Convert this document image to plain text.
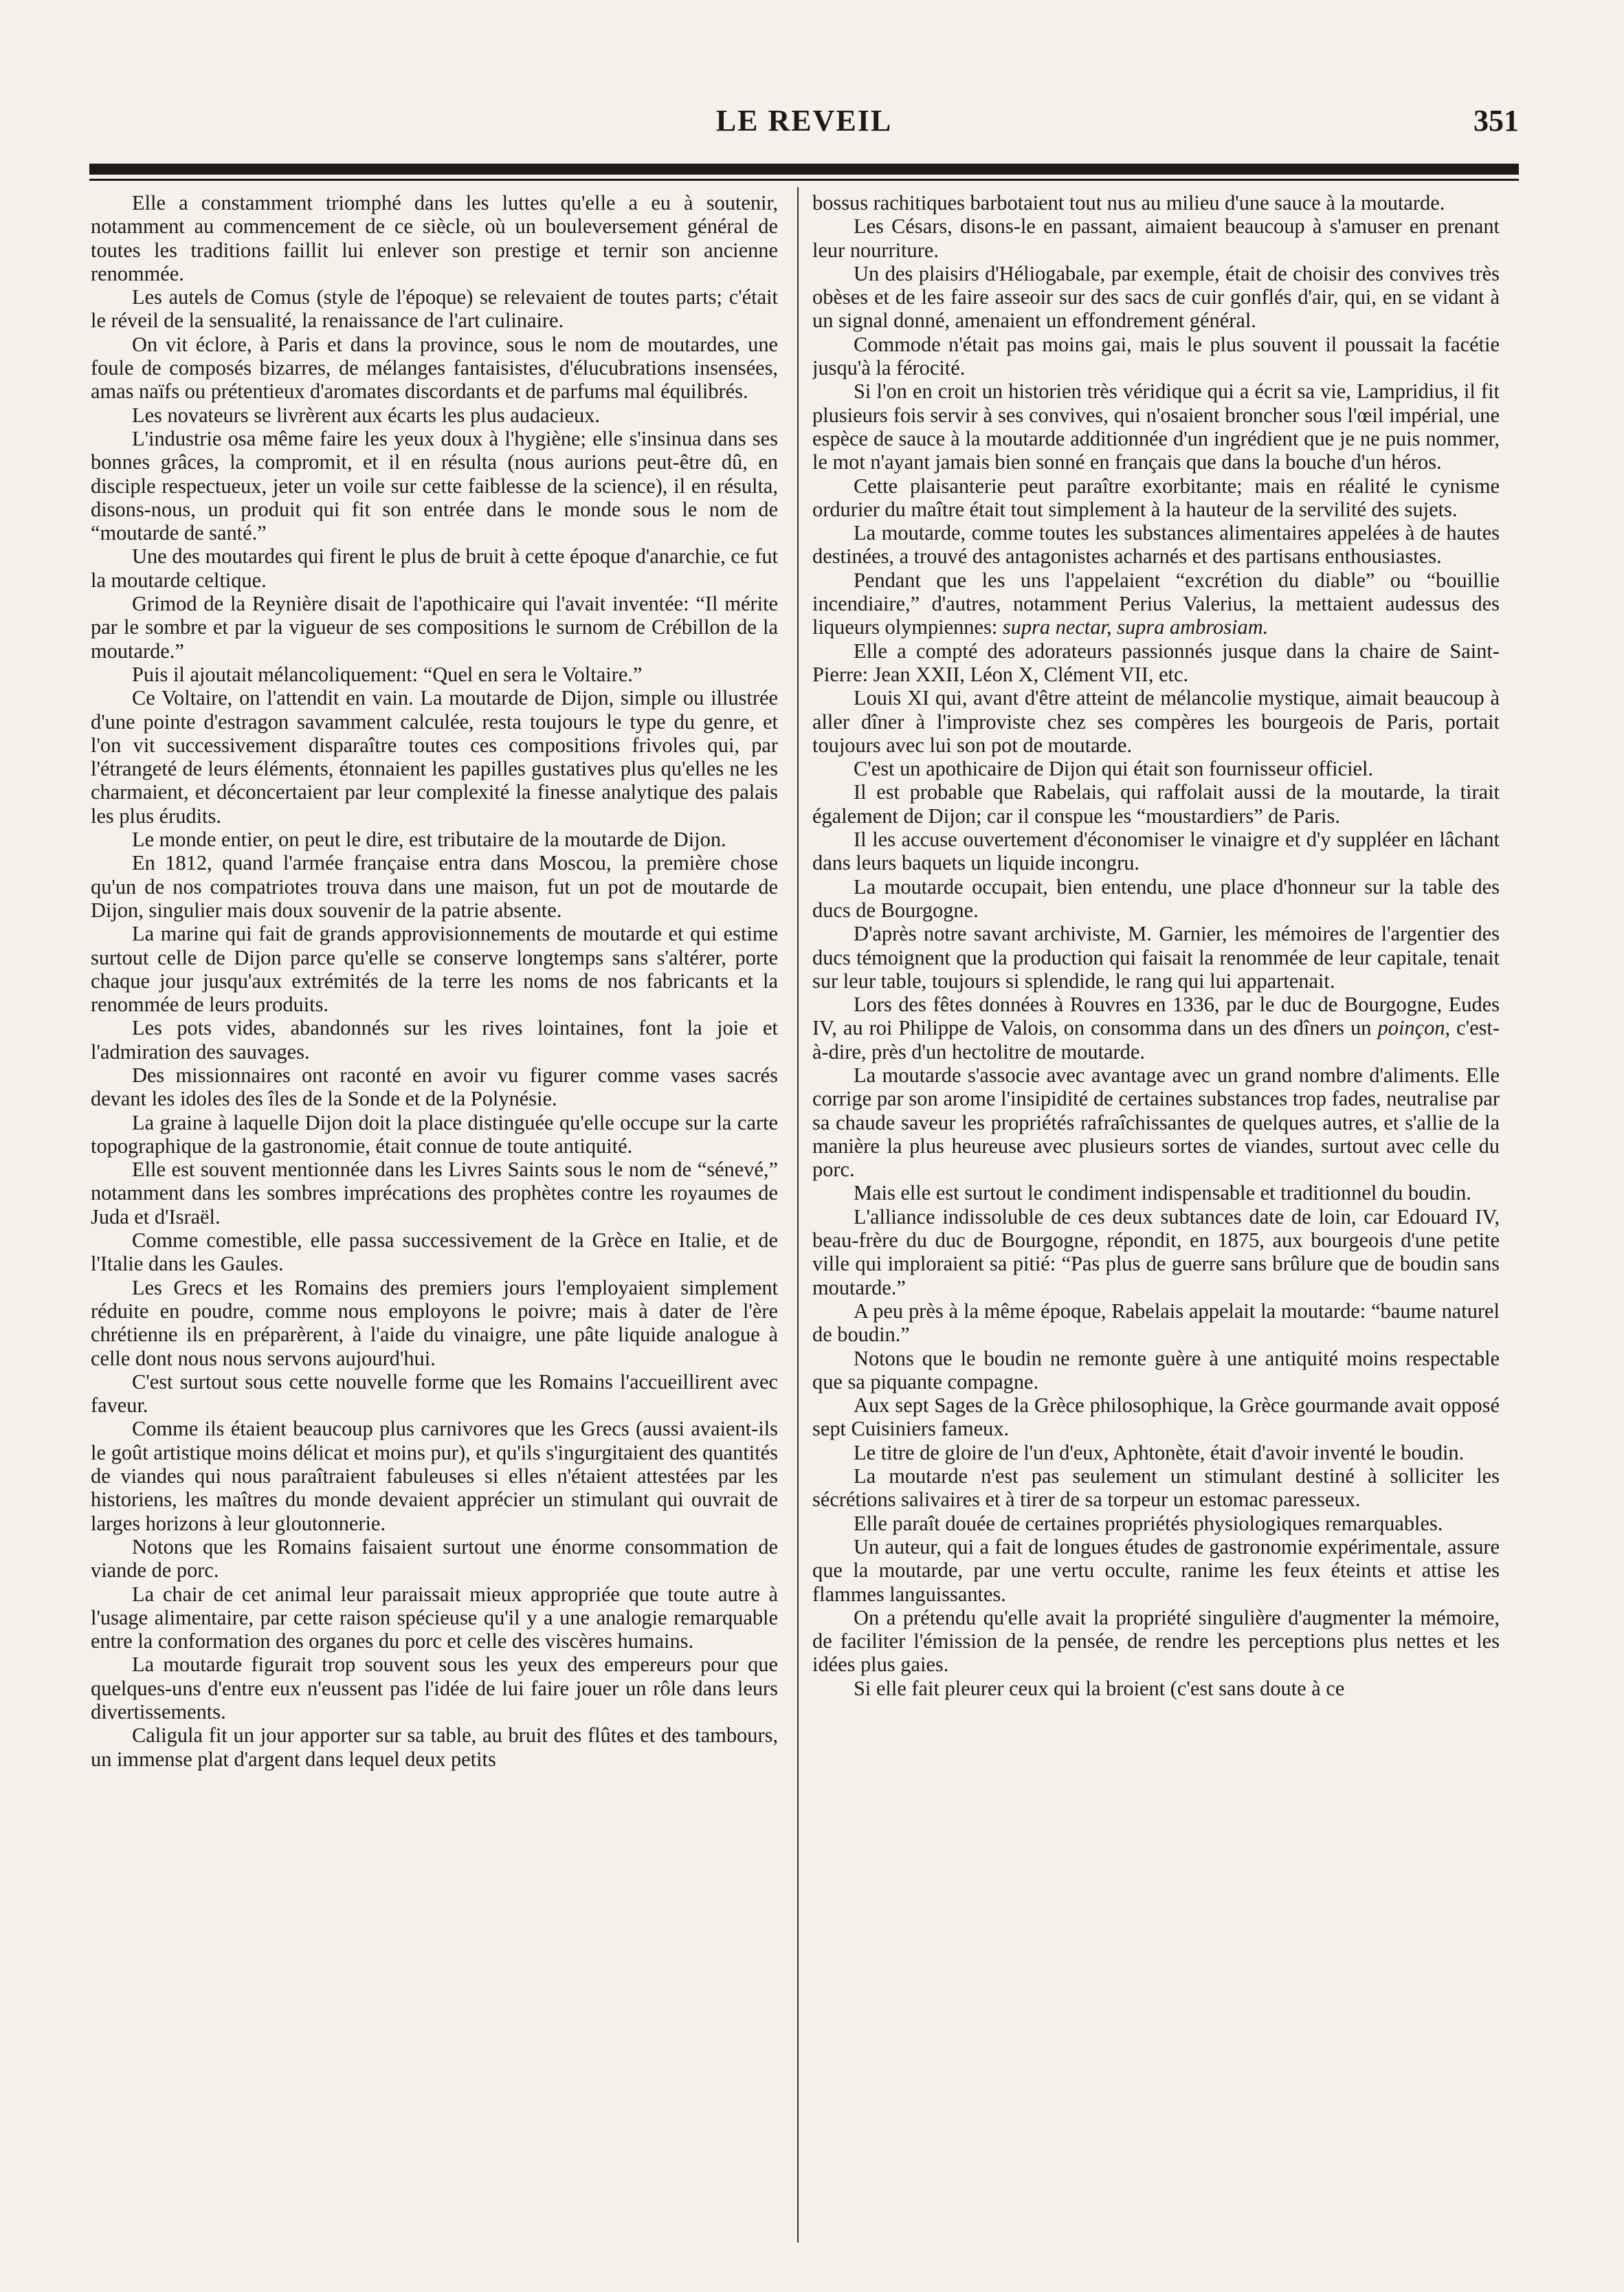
LE REVEIL	351

Elle a constamment triomphé dans les luttes qu'elle a eu à soutenir, notamment au commencement de ce siècle, où un bouleversement général de toutes les traditions faillit lui enlever son prestige et ternir son ancienne renommée.

Les autels de Comus (style de l'époque) se relevaient de toutes parts; c'était le réveil de la sensualité, la renaissance de l'art culinaire.

On vit éclore, à Paris et dans la province, sous le nom de moutardes, une foule de composés bizarres, de mélanges fantaisistes, d'élucubrations insensées, amas naïfs ou prétentieux d'aromates discordants et de parfums mal équilibrés.

Les novateurs se livrèrent aux écarts les plus audacieux.

L'industrie osa même faire les yeux doux à l'hygiène; elle s'insinua dans ses bonnes grâces, la compromit, et il en résulta (nous aurions peut-être dû, en disciple respectueux, jeter un voile sur cette faiblesse de la science), il en résulta, disons-nous, un produit qui fit son entrée dans le monde sous le nom de “moutarde de santé.”

Une des moutardes qui firent le plus de bruit à cette époque d'anarchie, ce fut la moutarde celtique.

Grimod de la Reynière disait de l'apothicaire qui l'avait inventée: “Il mérite par le sombre et par la vigueur de ses compositions le surnom de Crébillon de la moutarde.”

Puis il ajoutait mélancoliquement: “Quel en sera le Voltaire.”

Ce Voltaire, on l'attendit en vain. La moutarde de Dijon, simple ou illustrée d'une pointe d'estragon savamment calculée, resta toujours le type du genre, et l'on vit successivement disparaître toutes ces compositions frivoles qui, par l'étrangeté de leurs éléments, étonnaient les papilles gustatives plus qu'elles ne les charmaient, et déconcertaient par leur complexité la finesse analytique des palais les plus érudits.

Le monde entier, on peut le dire, est tributaire de la moutarde de Dijon.

En 1812, quand l'armée française entra dans Moscou, la première chose qu'un de nos compatriotes trouva dans une maison, fut un pot de moutarde de Dijon, singulier mais doux souvenir de la patrie absente.

La marine qui fait de grands approvisionnements de moutarde et qui estime surtout celle de Dijon parce qu'elle se conserve longtemps sans s'altérer, porte chaque jour jusqu'aux extrémités de la terre les noms de nos fabricants et la renommée de leurs produits.

Les pots vides, abandonnés sur les rives lointaines, font la joie et l'admiration des sauvages.

Des missionnaires ont raconté en avoir vu figurer comme vases sacrés devant les idoles des îles de la Sonde et de la Polynésie.

La graine à laquelle Dijon doit la place distinguée qu'elle occupe sur la carte topographique de la gastronomie, était connue de toute antiquité.

Elle est souvent mentionnée dans les Livres Saints sous le nom de “sénevé,” notamment dans les sombres imprécations des prophètes contre les royaumes de Juda et d'Israël.

Comme comestible, elle passa successivement de la Grèce en Italie, et de l'Italie dans les Gaules.

Les Grecs et les Romains des premiers jours l'employaient simplement réduite en poudre, comme nous employons le poivre; mais à dater de l'ère chrétienne ils en préparèrent, à l'aide du vinaigre, une pâte liquide analogue à celle dont nous nous servons aujourd'hui.

C'est surtout sous cette nouvelle forme que les Romains l'accueillirent avec faveur.

Comme ils étaient beaucoup plus carnivores que les Grecs (aussi avaient-ils le goût artistique moins délicat et moins pur), et qu'ils s'ingurgitaient des quantités de viandes qui nous paraîtraient fabuleuses si elles n'étaient attestées par les historiens, les maîtres du monde devaient apprécier un stimulant qui ouvrait de larges horizons à leur gloutonnerie.

Notons que les Romains faisaient surtout une énorme consommation de viande de porc.

La chair de cet animal leur paraissait mieux appropriée que toute autre à l'usage alimentaire, par cette raison spécieuse qu'il y a une analogie remarquable entre la conformation des organes du porc et celle des viscères humains.

La moutarde figurait trop souvent sous les yeux des empereurs pour que quelques-uns d'entre eux n'eussent pas l'idée de lui faire jouer un rôle dans leurs divertissements.

Caligula fit un jour apporter sur sa table, au bruit des flûtes et des tambours, un immense plat d'argent dans lequel deux petits

bossus rachitiques barbotaient tout nus au milieu d'une sauce à la moutarde.

Les Césars, disons-le en passant, aimaient beaucoup à s'amuser en prenant leur nourriture.

Un des plaisirs d'Héliogabale, par exemple, était de choisir des convives très obèses et de les faire asseoir sur des sacs de cuir gonflés d'air, qui, en se vidant à un signal donné, amenaient un effondrement général.

Commode n'était pas moins gai, mais le plus souvent il poussait la facétie jusqu'à la férocité.

Si l'on en croit un historien très véridique qui a écrit sa vie, Lampridius, il fit plusieurs fois servir à ses convives, qui n'osaient broncher sous l'œil impérial, une espèce de sauce à la moutarde additionnée d'un ingrédient que je ne puis nommer, le mot n'ayant jamais bien sonné en français que dans la bouche d'un héros.

Cette plaisanterie peut paraître exorbitante; mais en réalité le cynisme ordurier du maître était tout simplement à la hauteur de la servilité des sujets.

La moutarde, comme toutes les substances alimentaires appelées à de hautes destinées, a trouvé des antagonistes acharnés et des partisans enthousiastes.

Pendant que les uns l'appelaient “excrétion du diable” ou “bouillie incendiaire,” d'autres, notamment Perius Valerius, la mettaient audessus des liqueurs olympiennes: supra nectar, supra ambrosiam.

Elle a compté des adorateurs passionnés jusque dans la chaire de Saint-Pierre: Jean XXII, Léon X, Clément VII, etc.

Louis XI qui, avant d'être atteint de mélancolie mystique, aimait beaucoup à aller dîner à l'improviste chez ses compères les bourgeois de Paris, portait toujours avec lui son pot de moutarde.

C'est un apothicaire de Dijon qui était son fournisseur officiel.

Il est probable que Rabelais, qui raffolait aussi de la moutarde, la tirait également de Dijon; car il conspue les “moustardiers” de Paris.

Il les accuse ouvertement d'économiser le vinaigre et d'y suppléer en lâchant dans leurs baquets un liquide incongru.

La moutarde occupait, bien entendu, une place d'honneur sur la table des ducs de Bourgogne.

D'après notre savant archiviste, M. Garnier, les mémoires de l'argentier des ducs témoignent que la production qui faisait la renommée de leur capitale, tenait sur leur table, toujours si splendide, le rang qui lui appartenait.

Lors des fêtes données à Rouvres en 1336, par le duc de Bourgogne, Eudes IV, au roi Philippe de Valois, on consomma dans un des dîners un poinçon, c'est-à-dire, près d'un hectolitre de moutarde.

La moutarde s'associe avec avantage avec un grand nombre d'aliments. Elle corrige par son arome l'insipidité de certaines substances trop fades, neutralise par sa chaude saveur les propriétés rafraîchissantes de quelques autres, et s'allie de la manière la plus heureuse avec plusieurs sortes de viandes, surtout avec celle du porc.

Mais elle est surtout le condiment indispensable et traditionnel du boudin.

L'alliance indissoluble de ces deux subtances date de loin, car Edouard IV, beau-frère du duc de Bourgogne, répondit, en 1875, aux bourgeois d'une petite ville qui imploraient sa pitié: “Pas plus de guerre sans brûlure que de boudin sans moutarde.”

A peu près à la même époque, Rabelais appelait la moutarde: “baume naturel de boudin.”

Notons que le boudin ne remonte guère à une antiquité moins respectable que sa piquante compagne.

Aux sept Sages de la Grèce philosophique, la Grèce gourmande avait opposé sept Cuisiniers fameux.

Le titre de gloire de l'un d'eux, Aphtonète, était d'avoir inventé le boudin.

La moutarde n'est pas seulement un stimulant destiné à solliciter les sécrétions salivaires et à tirer de sa torpeur un estomac paresseux.

Elle paraît douée de certaines propriétés physiologiques remarquables.

Un auteur, qui a fait de longues études de gastronomie expérimentale, assure que la moutarde, par une vertu occulte, ranime les feux éteints et attise les flammes languissantes.

On a prétendu qu'elle avait la propriété singulière d'augmenter la mémoire, de faciliter l'émission de la pensée, de rendre les perceptions plus nettes et les idées plus gaies.

Si elle fait pleurer ceux qui la broient (c'est sans doute à ce
